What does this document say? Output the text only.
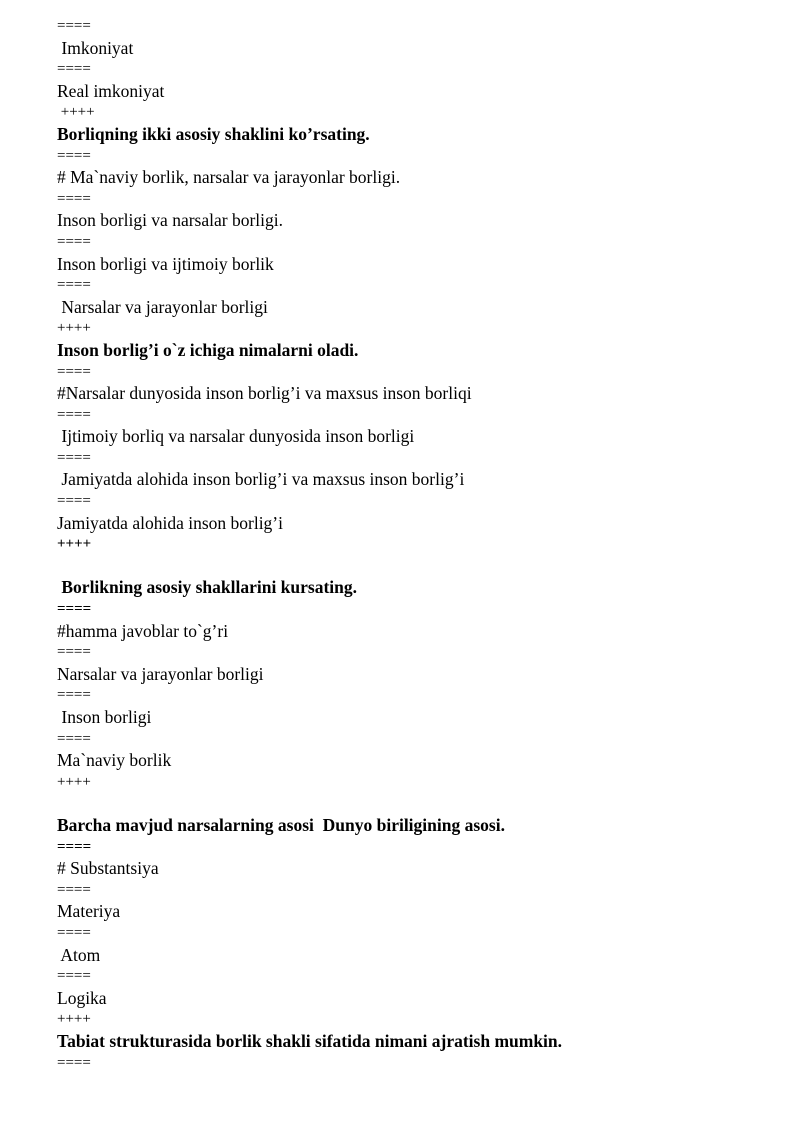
====
Imkoniyat
====
Real imkoniyat
++++
Borliqning ikki asosiy shaklini ko’rsating.
====
# Ma`naviy borlik, narsalar va jarayonlar borligi.
====
Inson borligi va narsalar borligi.
====
Inson borligi va ijtimoiy borlik
====
Narsalar va jarayonlar borligi
++++
Inson borlig’i o`z ichiga nimalarni oladi.
====
#Narsalar dunyosida inson borlig’i va maxsus inson borliqi
====
Ijtimoiy borliq va narsalar dunyosida inson borligi
====
Jamiyatda alohida inson borlig’i va maxsus inson borlig’i
====
Jamiyatda alohida inson borlig’i
++++
Borlikning asosiy shakllarini kursating.
====
#hamma javoblar to`g’ri
====
Narsalar va jarayonlar borligi
====
Inson borligi
====
Ma`naviy borlik
++++
Barcha mavjud narsalarning asosi  Dunyo biriligining asosi.
====
# Substantsiya
====
Materiya
====
Atom
====
Logika
++++
Tabiat strukturasida borlik shakli sifatida nimani ajratish mumkin.
====
